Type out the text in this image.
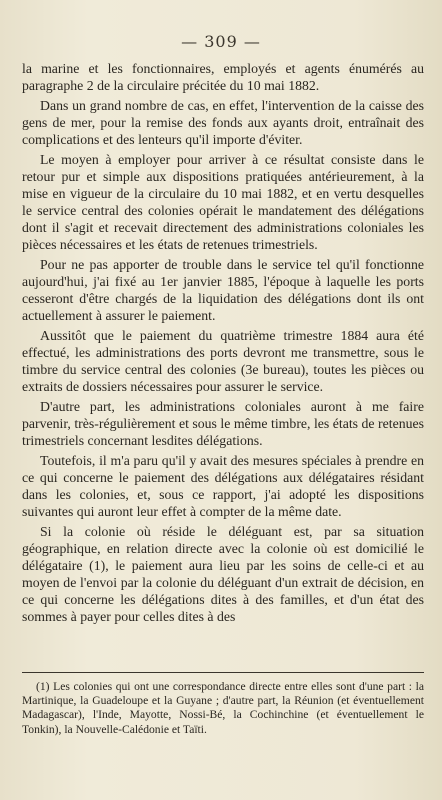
— 309 —

la marine et les fonctionnaires, employés et agents énumérés au paragraphe 2 de la circulaire précitée du 10 mai 1882.

Dans un grand nombre de cas, en effet, l'intervention de la caisse des gens de mer, pour la remise des fonds aux ayants droit, entraînait des complications et des lenteurs qu'il importe d'éviter.

Le moyen à employer pour arriver à ce résultat consiste dans le retour pur et simple aux dispositions pratiquées antérieurement, à la mise en vigueur de la circulaire du 10 mai 1882, et en vertu desquelles le service central des colonies opérait le mandatement des délégations dont il s'agit et recevait directement des administrations coloniales les pièces nécessaires et les états de retenues trimestriels.

Pour ne pas apporter de trouble dans le service tel qu'il fonctionne aujourd'hui, j'ai fixé au 1er janvier 1885, l'époque à laquelle les ports cesseront d'être chargés de la liquidation des délégations dont ils ont actuellement à assurer le paiement.

Aussitôt que le paiement du quatrième trimestre 1884 aura été effectué, les administrations des ports devront me transmettre, sous le timbre du service central des colonies (3e bureau), toutes les pièces ou extraits de dossiers nécessaires pour assurer le service.

D'autre part, les administrations coloniales auront à me faire parvenir, très-régulièrement et sous le même timbre, les états de retenues trimestriels concernant lesdites délégations.

Toutefois, il m'a paru qu'il y avait des mesures spéciales à prendre en ce qui concerne le paiement des délégations aux délégataires résidant dans les colonies, et, sous ce rapport, j'ai adopté les dispositions suivantes qui auront leur effet à compter de la même date.

Si la colonie où réside le déléguant est, par sa situation géographique, en relation directe avec la colonie où est domicilié le délégataire (1), le paiement aura lieu par les soins de celle-ci et au moyen de l'envoi par la colonie du déléguant d'un extrait de décision, en ce qui concerne les délégations dites à des familles, et d'un état des sommes à payer pour celles dites à des

(1) Les colonies qui ont une correspondance directe entre elles sont d'une part : la Martinique, la Guadeloupe et la Guyane ; d'autre part, la Réunion (et éventuellement Madagascar), l'Inde, Mayotte, Nossi-Bé, la Cochinchine (et éventuellement le Tonkin), la Nouvelle-Calédonie et Taïti.
